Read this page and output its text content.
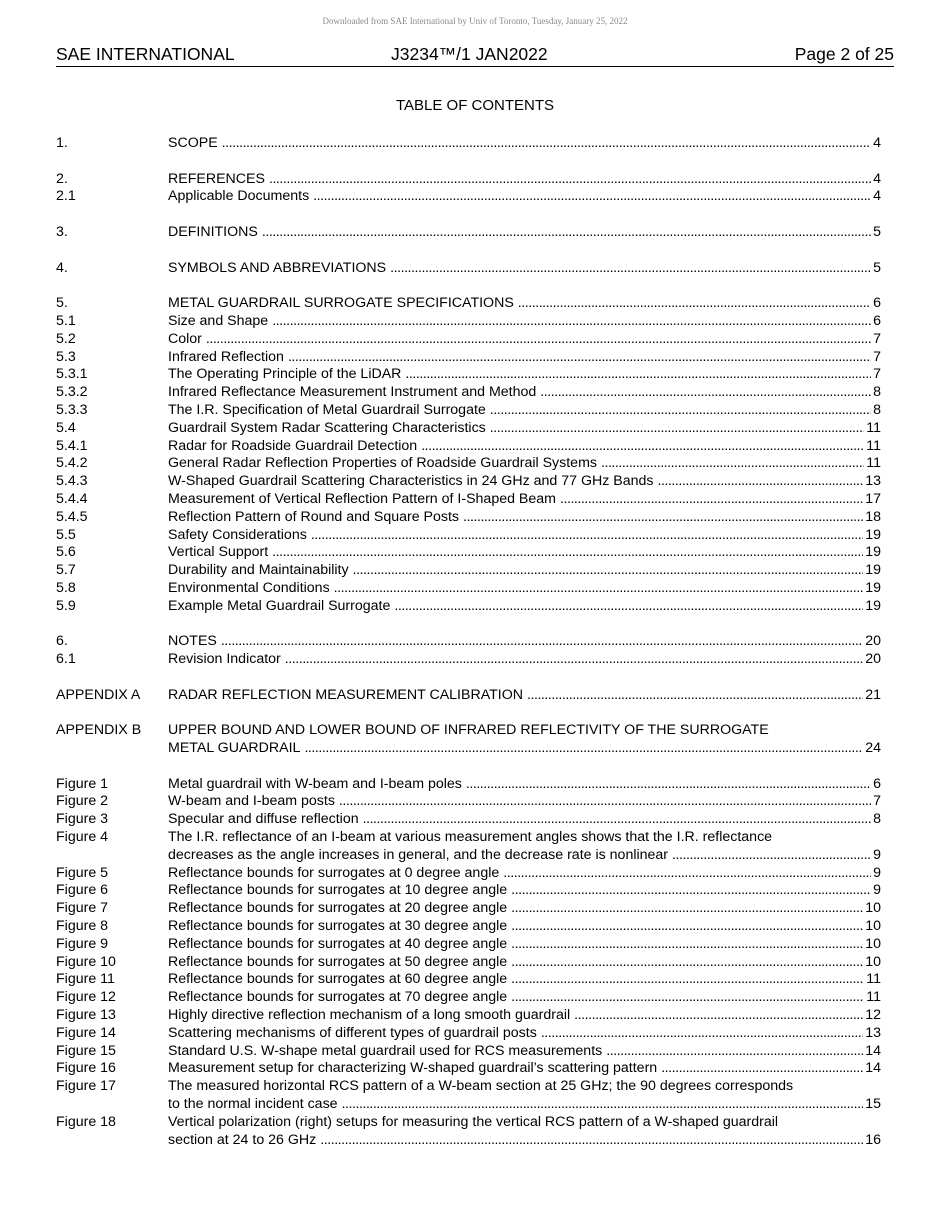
Downloaded from SAE International by Univ of Toronto, Tuesday, January 25, 2022
SAE INTERNATIONAL	J3234™/1 JAN2022	Page 2 of 25
TABLE OF CONTENTS
1.	SCOPE . . .	4
2.	REFERENCES . . .	4
2.1	Applicable Documents . . .	4
3.	DEFINITIONS . . .	5
4.	SYMBOLS AND ABBREVIATIONS . . .	5
5.	METAL GUARDRAIL SURROGATE SPECIFICATIONS . . .	6
5.1	Size and Shape . . .	6
5.2	Color . . .	7
5.3	Infrared Reflection . . .	7
5.3.1	The Operating Principle of the LiDAR . . .	7
5.3.2	Infrared Reflectance Measurement Instrument and Method . . .	8
5.3.3	The I.R. Specification of Metal Guardrail Surrogate . . .	8
5.4	Guardrail System Radar Scattering Characteristics . . .	11
5.4.1	Radar for Roadside Guardrail Detection . . .	11
5.4.2	General Radar Reflection Properties of Roadside Guardrail Systems . . .	11
5.4.3	W-Shaped Guardrail Scattering Characteristics in 24 GHz and 77 GHz Bands . . .	13
5.4.4	Measurement of Vertical Reflection Pattern of I-Shaped Beam . . .	17
5.4.5	Reflection Pattern of Round and Square Posts . . .	18
5.5	Safety Considerations . . .	19
5.6	Vertical Support . . .	19
5.7	Durability and Maintainability . . .	19
5.8	Environmental Conditions . . .	19
5.9	Example Metal Guardrail Surrogate . . .	19
6.	NOTES . . .	20
6.1	Revision Indicator . . .	20
APPENDIX A	RADAR REFLECTION MEASUREMENT CALIBRATION . . .	21
APPENDIX B	UPPER BOUND AND LOWER BOUND OF INFRARED REFLECTIVITY OF THE SURROGATE
METAL GUARDRAIL . . .	24
Figure 1	Metal guardrail with W-beam and I-beam poles . . .	6
Figure 2	W-beam and I-beam posts . . .	7
Figure 3	Specular and diffuse reflection . . .	8
Figure 4	The I.R. reflectance of an I-beam at various measurement angles shows that the I.R. reflectance
decreases as the angle increases in general, and the decrease rate is nonlinear . . .	9
Figure 5	Reflectance bounds for surrogates at 0 degree angle . . .	9
Figure 6	Reflectance bounds for surrogates at 10 degree angle . . .	9
Figure 7	Reflectance bounds for surrogates at 20 degree angle . . .	10
Figure 8	Reflectance bounds for surrogates at 30 degree angle . . .	10
Figure 9	Reflectance bounds for surrogates at 40 degree angle . . .	10
Figure 10	Reflectance bounds for surrogates at 50 degree angle . . .	10
Figure 11	Reflectance bounds for surrogates at 60 degree angle . . .	11
Figure 12	Reflectance bounds for surrogates at 70 degree angle . . .	11
Figure 13	Highly directive reflection mechanism of a long smooth guardrail . . .	12
Figure 14	Scattering mechanisms of different types of guardrail posts . . .	13
Figure 15	Standard U.S. W-shape metal guardrail used for RCS measurements . . .	14
Figure 16	Measurement setup for characterizing W-shaped guardrail’s scattering pattern . . .	14
Figure 17	The measured horizontal RCS pattern of a W-beam section at 25 GHz; the 90 degrees corresponds
to the normal incident case . . .	15
Figure 18	Vertical polarization (right) setups for measuring the vertical RCS pattern of a W-shaped guardrail
section at 24 to 26 GHz . . .	16
